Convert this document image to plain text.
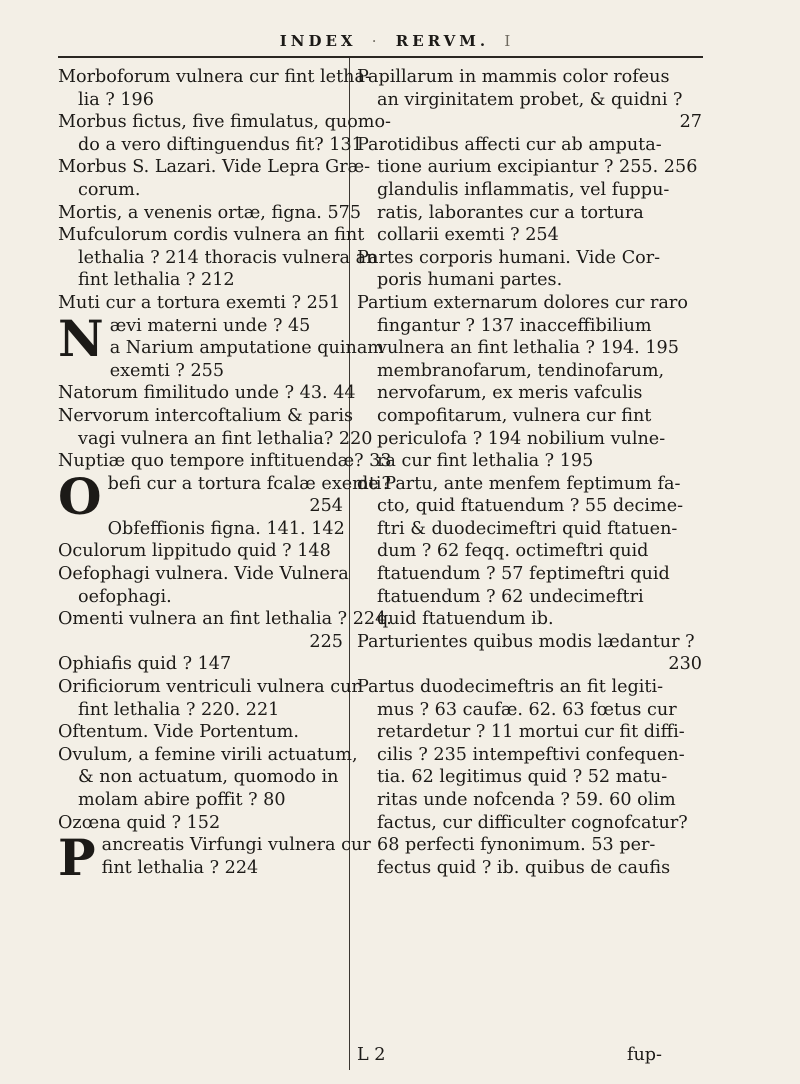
INDEX · RERVM. I
Morboforum vulnera cur fint letha-
lia ? 196
Morbus fictus, five fimulatus, quomo-
do a vero diftinguendus fit? 131
Morbus S. Lazari. Vide Lepra Græ-
corum.
Mortis, a venenis ortæ, figna. 575
Mufculorum cordis vulnera an fint
lethalia ? 214 thoracis vulnera an
fint lethalia ? 212
Muti cur a tortura exemti ? 251
N ævi materni unde ? 45
a Narium amputatione quinam
exemti ? 255
Natorum fimilitudo unde ? 43. 44
Nervorum intercoftalium & paris
vagi vulnera an fint lethalia? 220
Nuptiæ quo tempore inftituendæ? 33
O befi cur a tortura fcalæ exemti?
254
Obfeffionis figna. 141. 142
Oculorum lippitudo quid ? 148
Oefophagi vulnera. Vide Vulnera
oefophagi.
Omenti vulnera an fint lethalia ? 224.
225
Ophiafis quid ? 147
Orificiorum ventriculi vulnera cur
fint lethalia ? 220. 221
Oftentum. Vide Portentum.
Ovulum, a femine virili actuatum,
& non actuatum, quomodo in
molam abire poffit ? 80
Ozœna quid ? 152
P ancreatis Virfungi vulnera cur
fint lethalia ? 224
Papillarum in mammis color rofeus
an virginitatem probet, & quidni ?
27
Parotidibus affecti cur ab amputa-
tione aurium excipiantur ? 255. 256
glandulis inflammatis, vel fuppu-
ratis, laborantes cur a tortura
collarii exemti ? 254
Partes corporis humani. Vide Cor-
poris humani partes.
Partium externarum dolores cur raro
fingantur ? 137 inacceffibilium
vulnera an fint lethalia ? 194. 195
membranofarum, tendinofarum,
nervofarum, ex meris vafculis
compofitarum, vulnera cur fint
periculofa ? 194 nobilium vulne-
ra cur fint lethalia ? 195
de Partu, ante menfem feptimum fa-
cto, quid ftatuendum ? 55 decime-
ftri & duodecimeftri quid ftatuen-
dum ? 62 feqq. octimeftri quid
ftatuendum ? 57 feptimeftri quid
ftatuendum ? 62 undecimeftri
quid ftatuendum ib.
Parturientes quibus modis lædantur ?
230
Partus duodecimeftris an fit legiti-
mus ? 63 caufæ. 62. 63 fœtus cur
retardetur ? 11 mortui cur fit diffi-
cilis ? 235 intempeftivi confequen-
tia. 62 legitimus quid ? 52 matu-
ritas unde nofcenda ? 59. 60 olim
factus, cur difficulter cognofcatur?
68 perfecti fynonimum. 53 per-
fectus quid ? ib. quibus de caufis
L 2	fup-
